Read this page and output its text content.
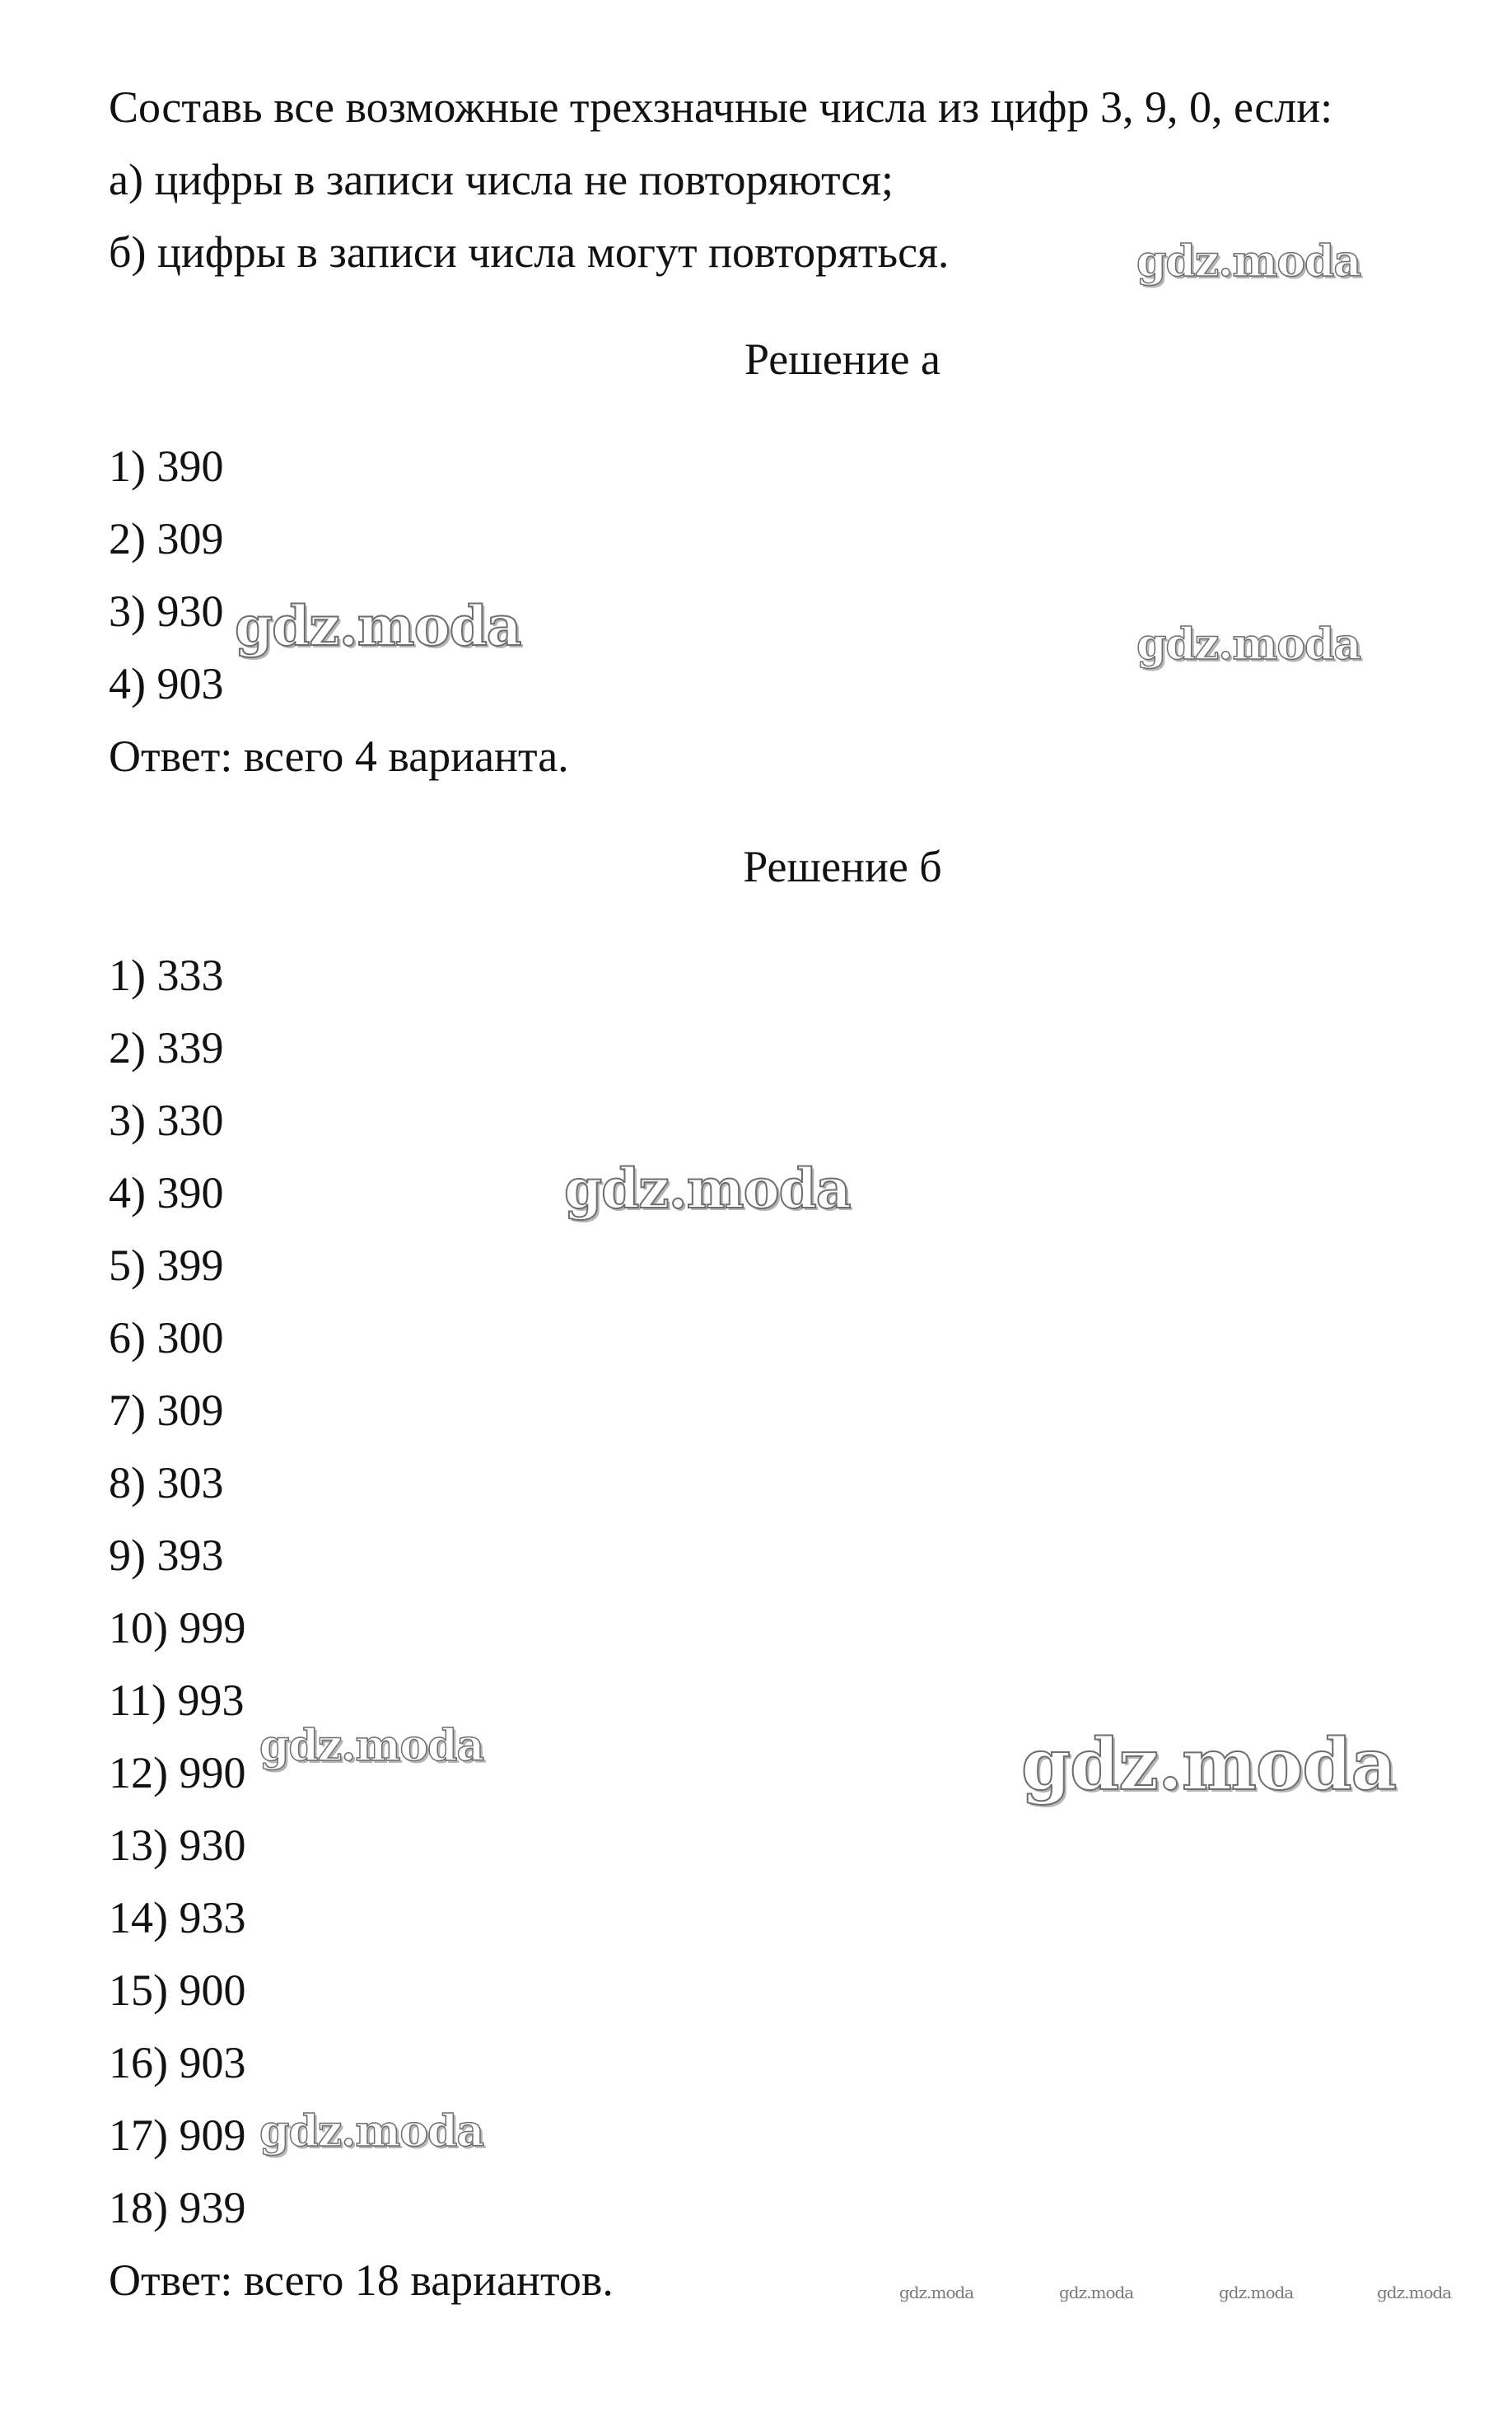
Составь все возможные трехзначные числа из цифр 3, 9, 0, если:
а) цифры в записи числа не повторяются;
б) цифры в записи числа могут повторяться.
Решение а
1) 390
2) 309
3) 930
4) 903
Ответ: всего 4 варианта.
Решение б
1) 333
2) 339
3) 330
4) 390
5) 399
6) 300
7) 309
8) 303
9) 393
10) 999
11) 993
12) 990
13) 930
14) 933
15) 900
16) 903
17) 909
18) 939
Ответ: всего 18 вариантов.
gdz.moda
gdz.moda	gdz.moda
gdz.moda
gdz.moda	gdz.moda
gdz.moda
gdz.moda	gdz.moda	gdz.moda	gdz.moda
